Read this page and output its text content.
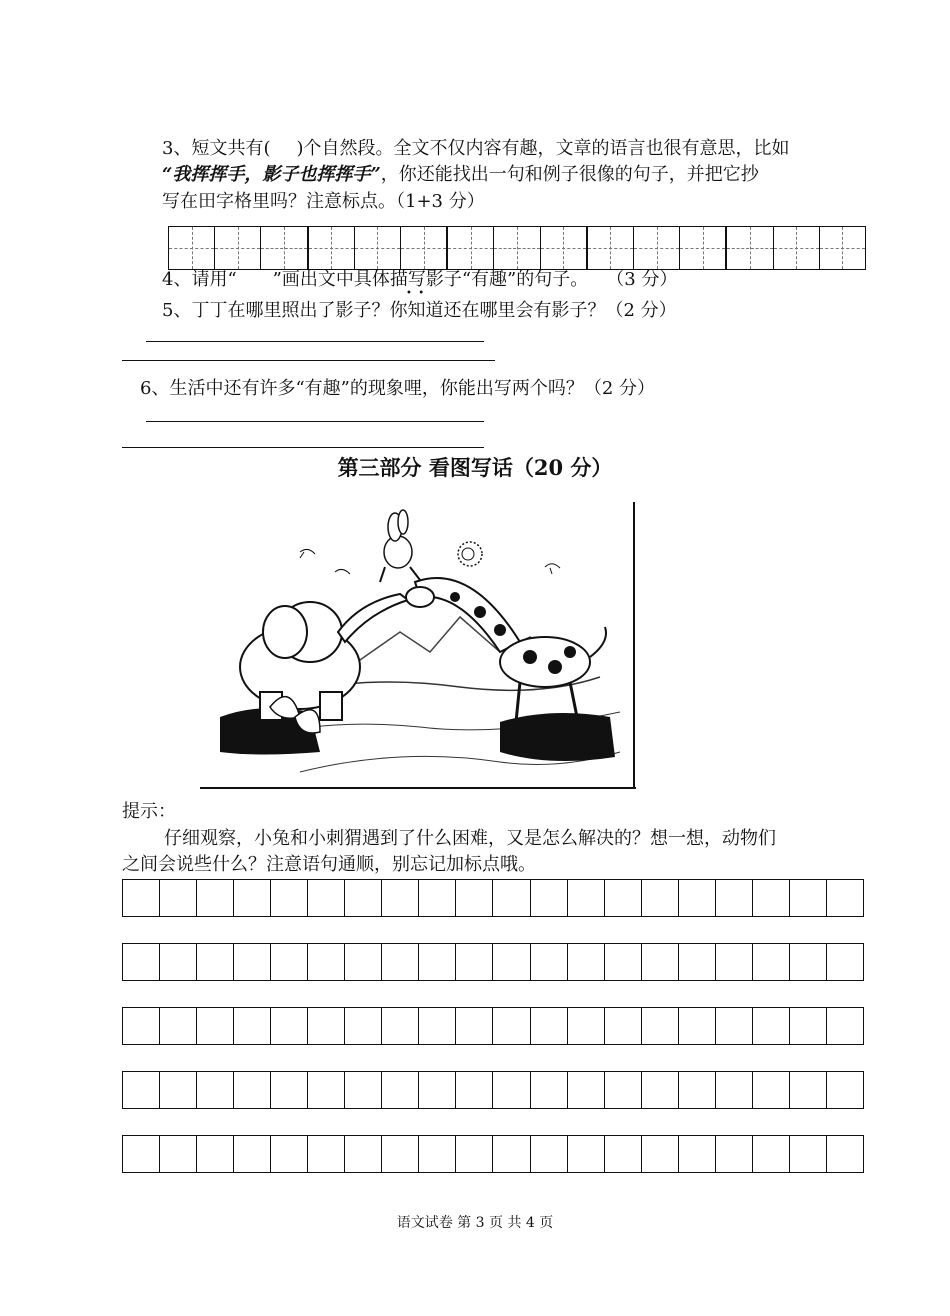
3、短文共有( )个自然段。全文不仅内容有趣，文章的语言也很有意思，比如
“我挥挥手，影子也挥挥手”，你还能找出一句和例子很像的句子，并把它抄
写在田字格里吗？注意标点。（1+3 分）
4、请用“ ”画出文中具体描写影子“有趣”的句子。 （3 分）
•  •
5、丁丁在哪里照出了影子？你知道还在哪里会有影子？（2 分）
6、生活中还有许多“有趣”的现象哩，你能出写两个吗？（2 分）
第三部分 看图写话（20 分）
提示：
仔细观察，小兔和小刺猬遇到了什么困难，又是怎么解决的？想一想，动物们
之间会说些什么？注意语句通顺，别忘记加标点哦。
语文试卷 第 3 页 共 4 页
